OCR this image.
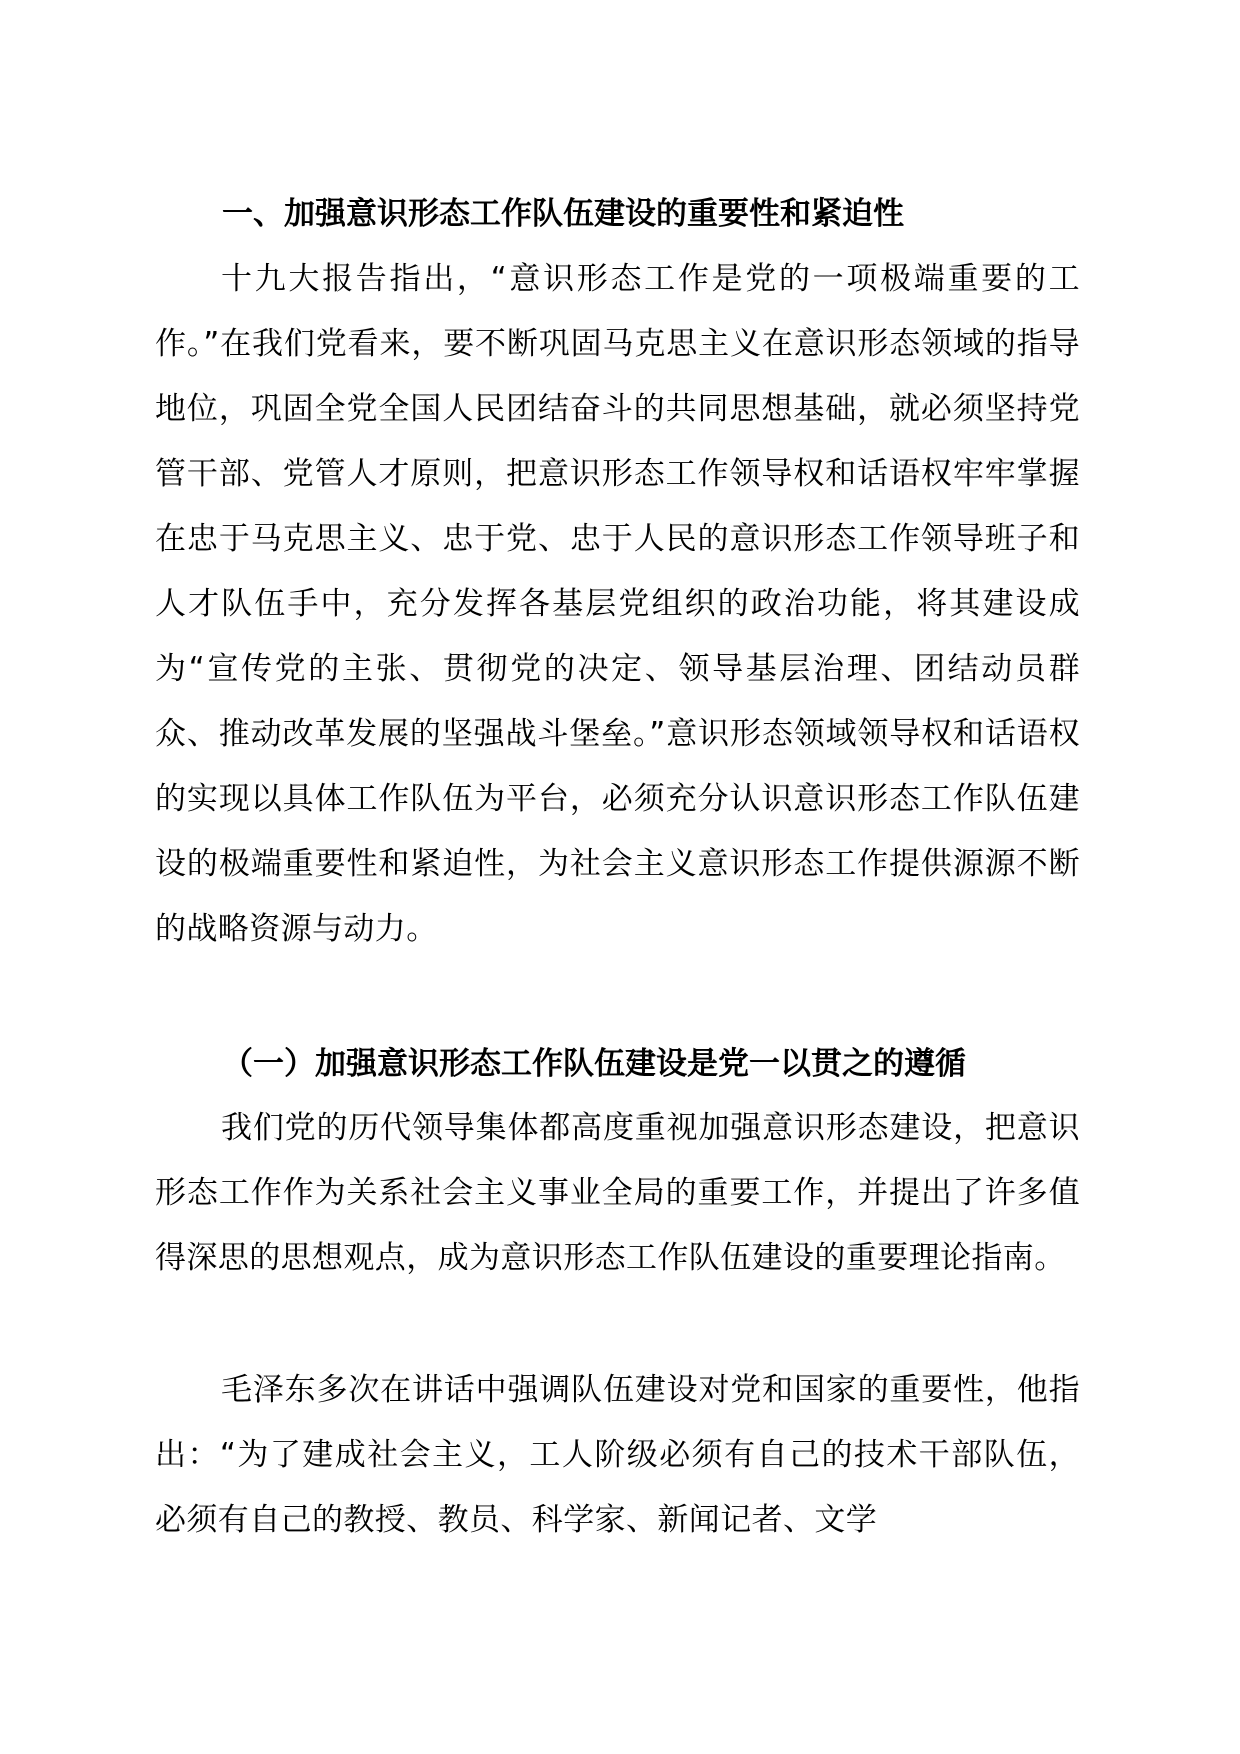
一、加强意识形态工作队伍建设的重要性和紧迫性

十九大报告指出，“意识形态工作是党的一项极端重要的工作。”在我们党看来，要不断巩固马克思主义在意识形态领域的指导地位，巩固全党全国人民团结奋斗的共同思想基础，就必须坚持党管干部、党管人才原则，把意识形态工作领导权和话语权牢牢掌握在忠于马克思主义、忠于党、忠于人民的意识形态工作领导班子和人才队伍手中，充分发挥各基层党组织的政治功能，将其建设成为“宣传党的主张、贯彻党的决定、领导基层治理、团结动员群众、推动改革发展的坚强战斗堡垒。”意识形态领域领导权和话语权的实现以具体工作队伍为平台，必须充分认识意识形态工作队伍建设的极端重要性和紧迫性，为社会主义意识形态工作提供源源不断的战略资源与动力。

（一）加强意识形态工作队伍建设是党一以贯之的遵循

我们党的历代领导集体都高度重视加强意识形态建设，把意识形态工作作为关系社会主义事业全局的重要工作，并提出了许多值得深思的思想观点，成为意识形态工作队伍建设的重要理论指南。

毛泽东多次在讲话中强调队伍建设对党和国家的重要性，他指出：“为了建成社会主义，工人阶级必须有自己的技术干部队伍，必须有自己的教授、教员、科学家、新闻记者、文学
